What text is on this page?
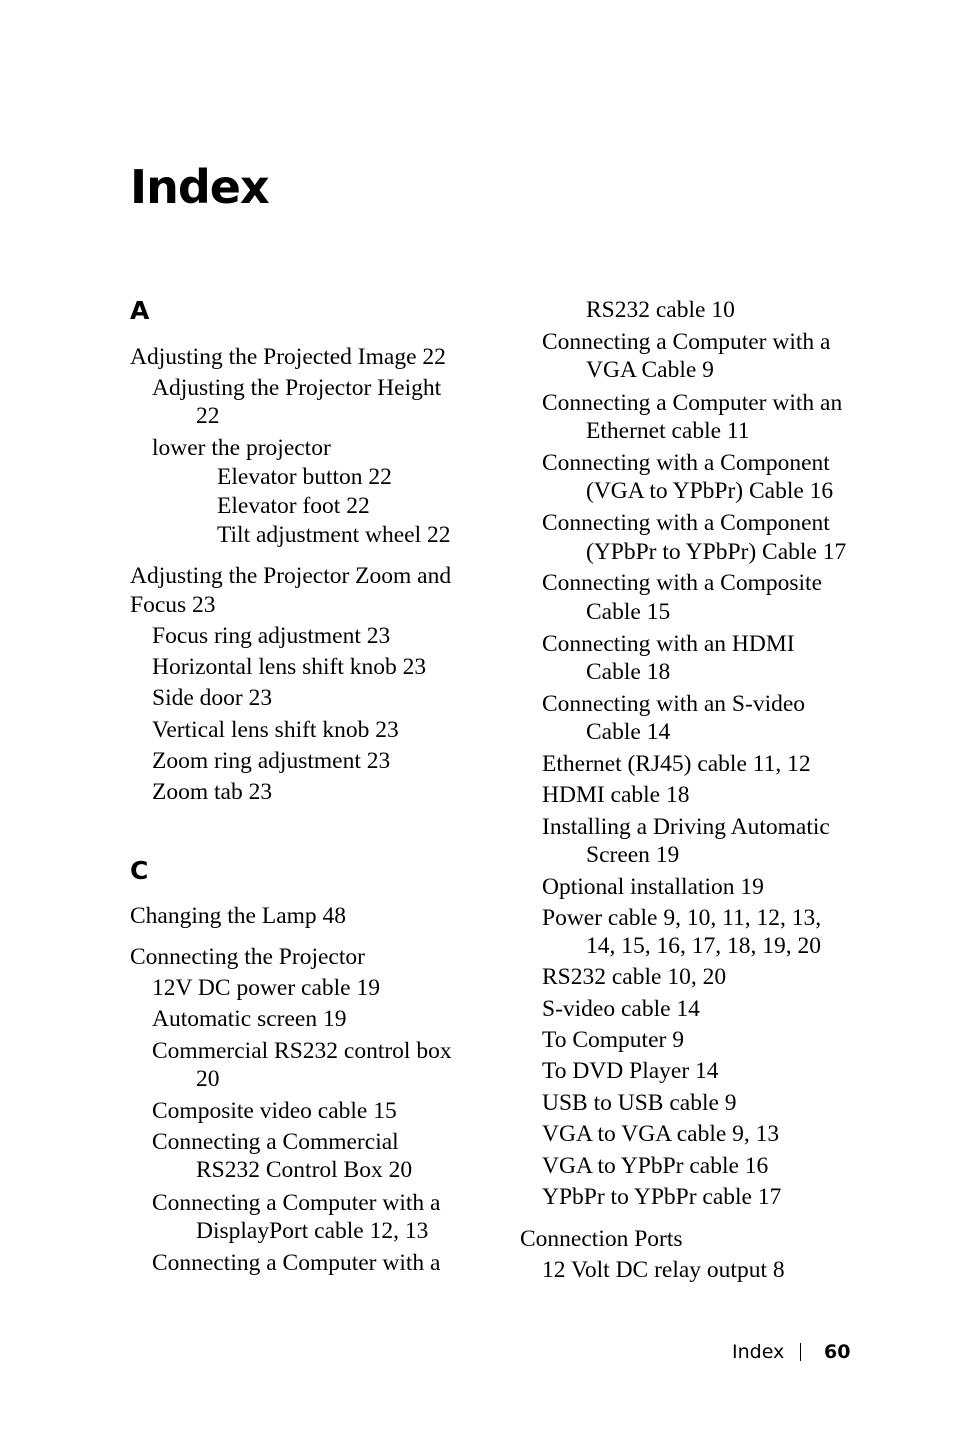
Index
A
Adjusting the Projected Image 22
Adjusting the Projector Height
22
lower the projector
Elevator button 22
Elevator foot 22
Tilt adjustment wheel 22
Adjusting the Projector Zoom and
Focus 23
Focus ring adjustment 23
Horizontal lens shift knob 23
Side door 23
Vertical lens shift knob 23
Zoom ring adjustment 23
Zoom tab 23
C
Changing the Lamp 48
Connecting the Projector
12V DC power cable 19
Automatic screen 19
Commercial RS232 control box
20
Composite video cable 15
Connecting a Commercial
RS232 Control Box 20
Connecting a Computer with a
DisplayPort cable 12, 13
Connecting a Computer with a
RS232 cable 10
Connecting a Computer with a
VGA Cable 9
Connecting a Computer with an
Ethernet cable 11
Connecting with a Component
(VGA to YPbPr) Cable 16
Connecting with a Component
(YPbPr to YPbPr) Cable 17
Connecting with a Composite
Cable 15
Connecting with an HDMI
Cable 18
Connecting with an S-video
Cable 14
Ethernet (RJ45) cable 11, 12
HDMI cable 18
Installing a Driving Automatic
Screen 19
Optional installation 19
Power cable 9, 10, 11, 12, 13,
14, 15, 16, 17, 18, 19, 20
RS232 cable 10, 20
S-video cable 14
To Computer 9
To DVD Player 14
USB to USB cable 9
VGA to VGA cable 9, 13
VGA to YPbPr cable 16
YPbPr to YPbPr cable 17
Connection Ports
12 Volt DC relay output 8
Index 60
